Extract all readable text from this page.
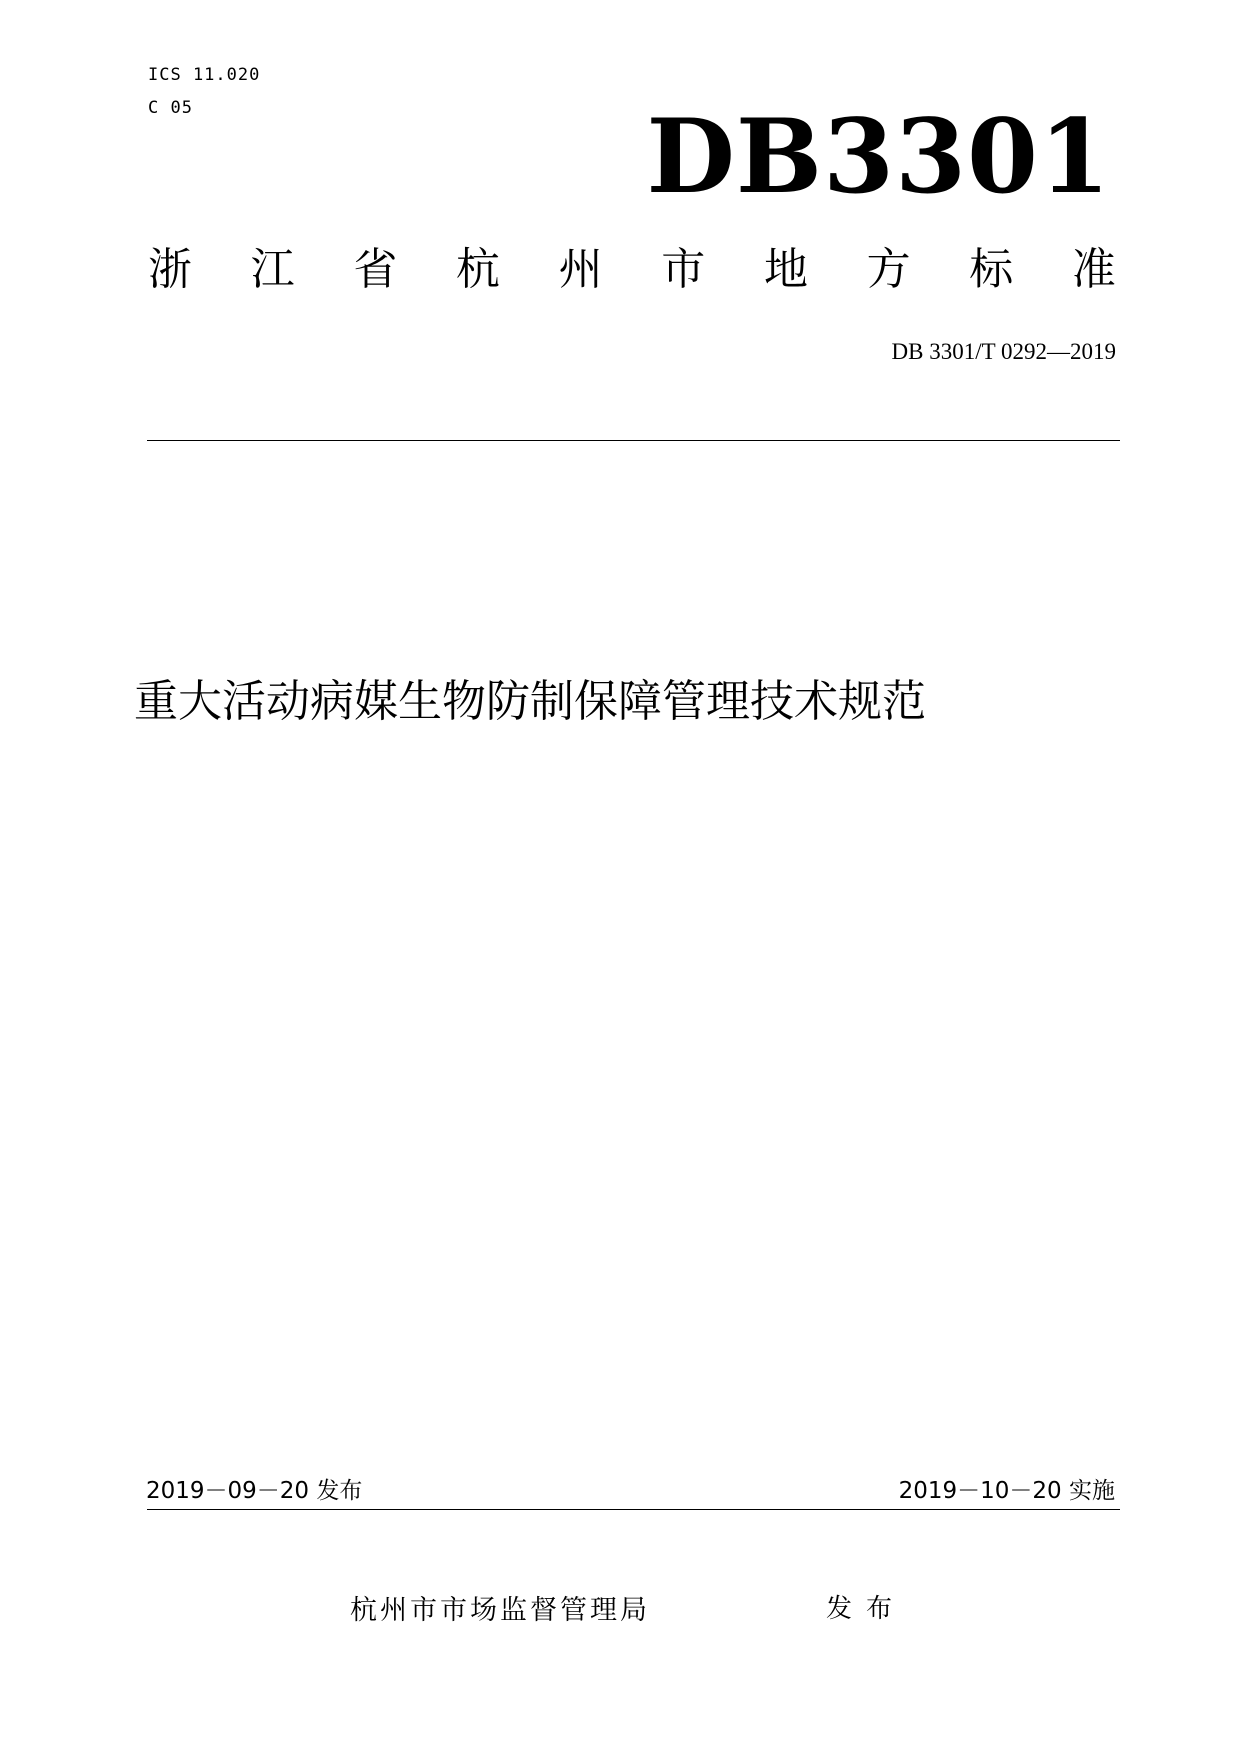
ICS 11.020
C 05	DB3301
浙 江 省 杭 州 市 地 方 标 准
DB 3301/T 0292—2019
重大活动病媒生物防制保障管理技术规范
2019－09－20 发布	2019－10－20 实施
杭州市市场监督管理局	发布
